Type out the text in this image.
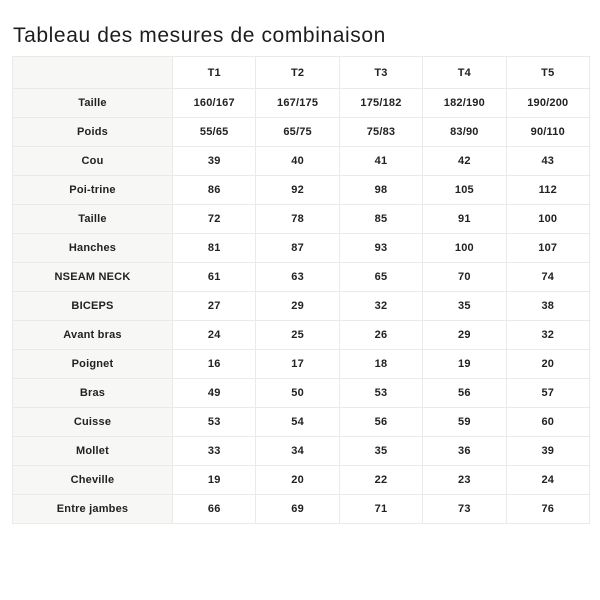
Tableau des mesures de combinaison
	T1	T2	T3	T4	T5
Taille	160/167	167/175	175/182	182/190	190/200
Poids	55/65	65/75	75/83	83/90	90/110
Cou	39	40	41	42	43
Poi-trine	86	92	98	105	112
Taille	72	78	85	91	100
Hanches	81	87	93	100	107
NSEAM NECK	61	63	65	70	74
BICEPS	27	29	32	35	38
Avant bras	24	25	26	29	32
Poignet	16	17	18	19	20
Bras	49	50	53	56	57
Cuisse	53	54	56	59	60
Mollet	33	34	35	36	39
Cheville	19	20	22	23	24
Entre jambes	66	69	71	73	76
